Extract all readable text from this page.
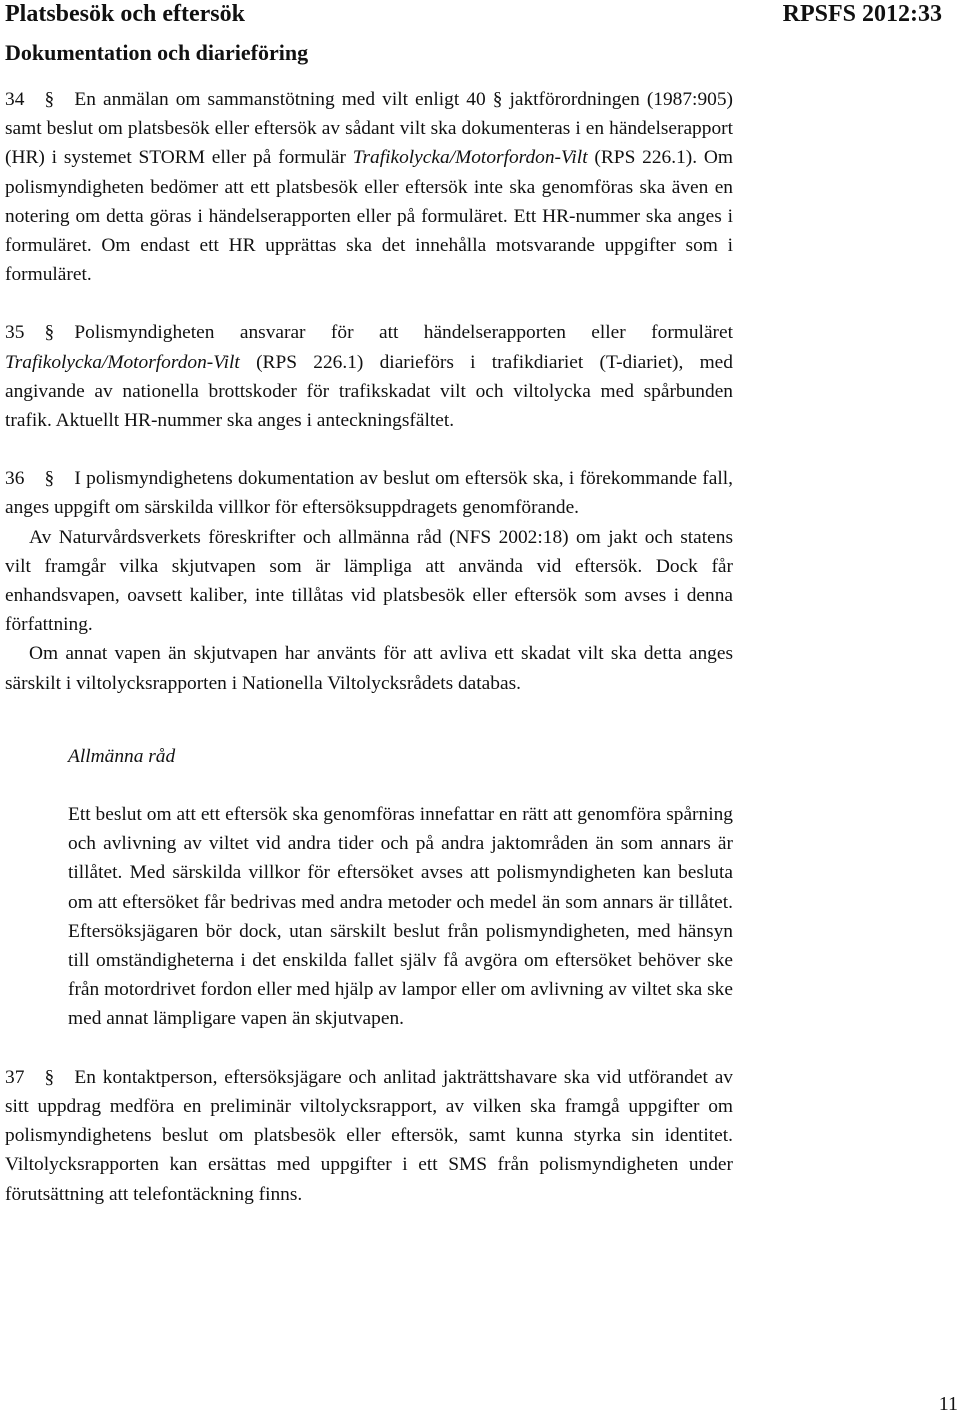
Platsbesök och eftersök
Dokumentation och diarieföring
RPSFS 2012:33

34 § En anmälan om sammanstötning med vilt enligt 40 § jaktförordningen (1987:905) samt beslut om platsbesök eller eftersök av sådant vilt ska dokumenteras i en händelserapport (HR) i systemet STORM eller på formulär Trafikolycka/Motorfordon-Vilt (RPS 226.1). Om polismyndigheten bedömer att ett platsbesök eller eftersök inte ska genomföras ska även en notering om detta göras i händelserapporten eller på formuläret. Ett HR-nummer ska anges i formuläret. Om endast ett HR upprättas ska det innehålla motsvarande uppgifter som i formuläret.

35 § Polismyndigheten ansvarar för att händelserapporten eller formuläret Trafikolycka/Motorfordon-Vilt (RPS 226.1) diarieförs i trafikdiariet (T-diariet), med angivande av nationella brottskoder för trafikskadat vilt och viltolycka med spårbunden trafik. Aktuellt HR-nummer ska anges i anteckningsfältet.

36 § I polismyndighetens dokumentation av beslut om eftersök ska, i förekommande fall, anges uppgift om särskilda villkor för eftersöksuppdragets genomförande.

Av Naturvårdsverkets föreskrifter och allmänna råd (NFS 2002:18) om jakt och statens vilt framgår vilka skjutvapen som är lämpliga att använda vid eftersök. Dock får enhandsvapen, oavsett kaliber, inte tillåtas vid platsbesök eller eftersök som avses i denna författning.

Om annat vapen än skjutvapen har använts för att avliva ett skadat vilt ska detta anges särskilt i viltolycksrapporten i Nationella Viltolycksrådets databas.

Allmänna råd

Ett beslut om att ett eftersök ska genomföras innefattar en rätt att genomföra spårning och avlivning av viltet vid andra tider och på andra jaktområden än som annars är tillåtet. Med särskilda villkor för eftersöket avses att polismyndigheten kan besluta om att eftersöket får bedrivas med andra metoder och medel än som annars är tillåtet. Eftersöksjägaren bör dock, utan särskilt beslut från polismyndigheten, med hänsyn till omständigheterna i det enskilda fallet själv få avgöra om eftersöket behöver ske från motordrivet fordon eller med hjälp av lampor eller om avlivning av viltet ska ske med annat lämpligare vapen än skjutvapen.

37 § En kontaktperson, eftersöksjägare och anlitad jakträttshavare ska vid utförandet av sitt uppdrag medföra en preliminär viltolycksrapport, av vilken ska framgå uppgifter om polismyndighetens beslut om platsbesök eller eftersök, samt kunna styrka sin identitet. Viltolycksrapporten kan ersättas med uppgifter i ett SMS från polismyndigheten under förutsättning att telefontäckning finns.

11
